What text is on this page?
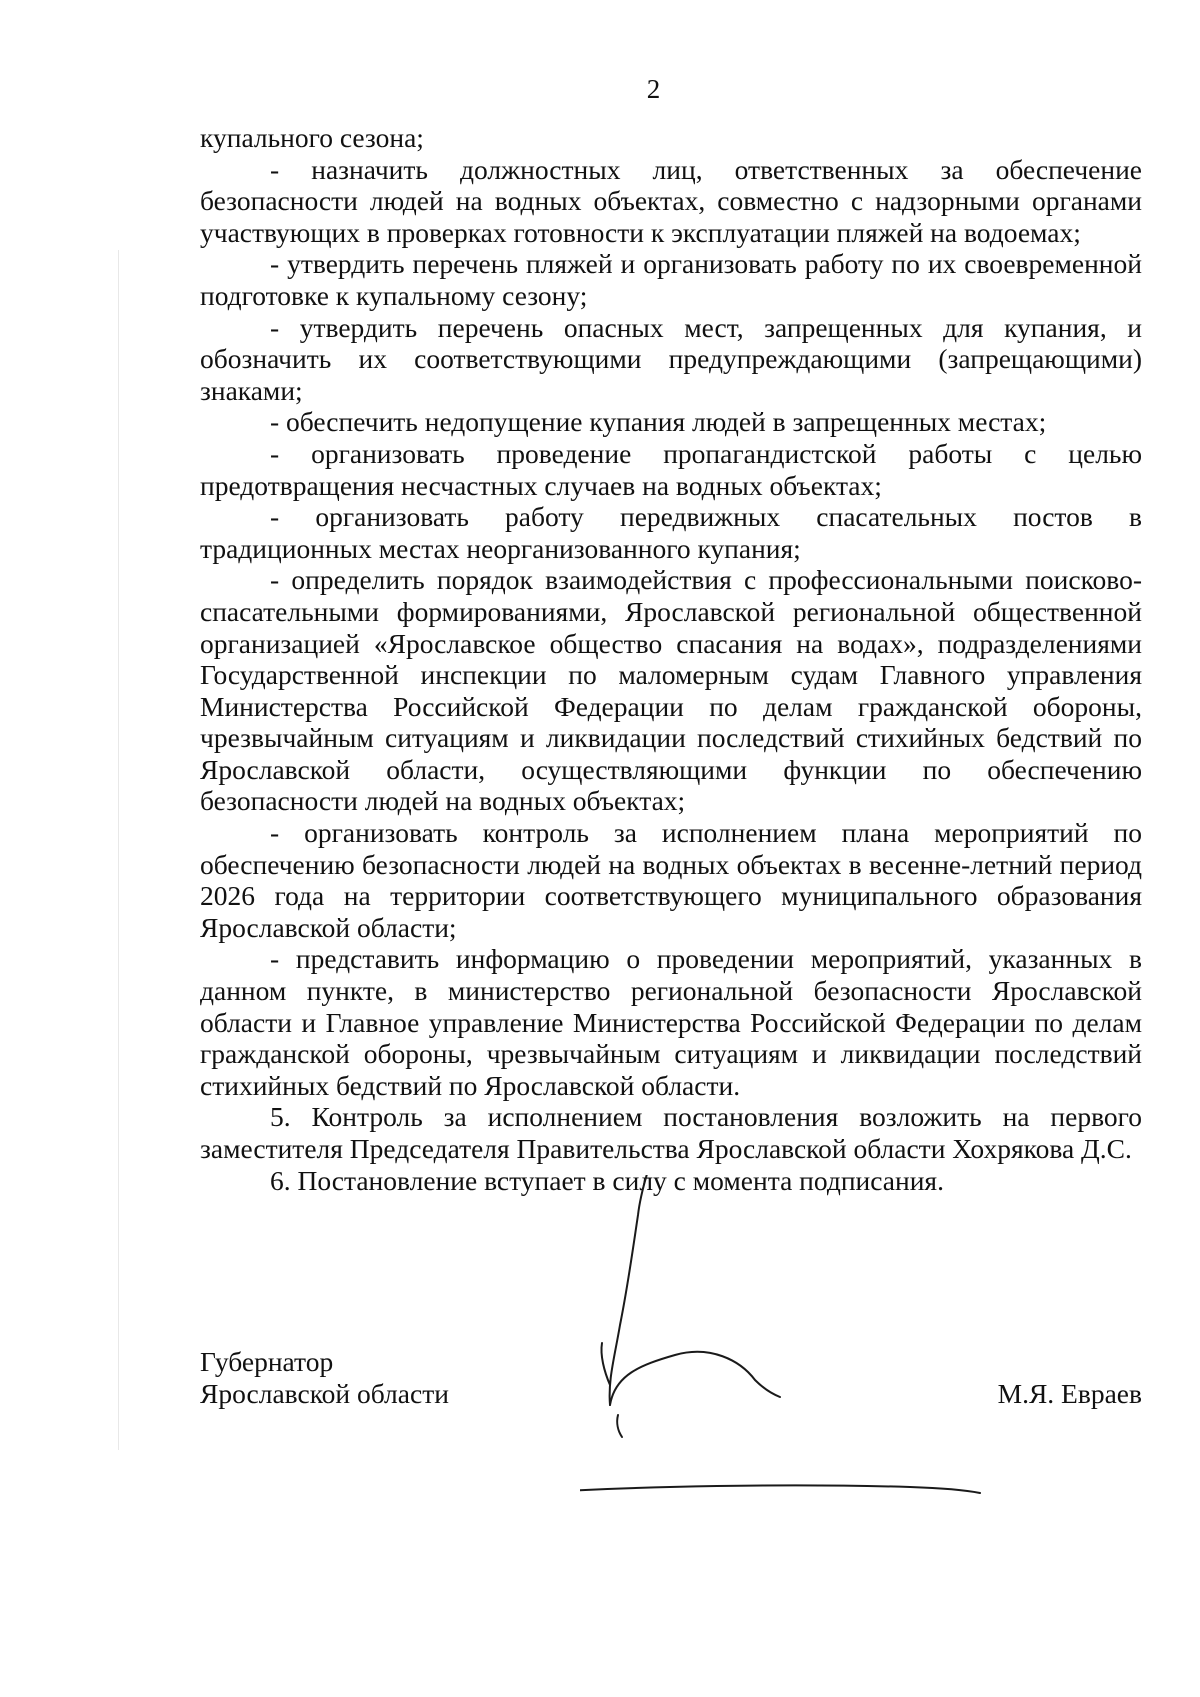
2

купального сезона;

- назначить должностных лиц, ответственных за обеспечение безопасности людей на водных объектах, совместно с надзорными органами участвующих в проверках готовности к эксплуатации пляжей на водоемах;

- утвердить перечень пляжей и организовать работу по их своевременной подготовке к купальному сезону;

- утвердить перечень опасных мест, запрещенных для купания, и обозначить их соответствующими предупреждающими (запрещающими) знаками;

- обеспечить недопущение купания людей в запрещенных местах;

- организовать проведение пропагандистской работы с целью предотвращения несчастных случаев на водных объектах;

- организовать работу передвижных спасательных постов в традиционных местах неорганизованного купания;

- определить порядок взаимодействия с профессиональными поисково-спасательными формированиями, Ярославской региональной общественной организацией «Ярославское общество спасания на водах», подразделениями Государственной инспекции по маломерным судам Главного управления Министерства Российской Федерации по делам гражданской обороны, чрезвычайным ситуациям и ликвидации последствий стихийных бедствий по Ярославской области, осуществляющими функции по обеспечению безопасности людей на водных объектах;

- организовать контроль за исполнением плана мероприятий по обеспечению безопасности людей на водных объектах в весенне-летний период 2026 года на территории соответствующего муниципального образования Ярославской области;

- представить информацию о проведении мероприятий, указанных в данном пункте, в министерство региональной безопасности Ярославской области и Главное управление Министерства Российской Федерации по делам гражданской обороны, чрезвычайным ситуациям и ликвидации последствий стихийных бедствий по Ярославской области.

5. Контроль за исполнением постановления возложить на первого заместителя Председателя Правительства Ярославской области Хохрякова Д.С.

6. Постановление вступает в силу с момента подписания.

Губернатор
Ярославской области	М.Я. Евраев
